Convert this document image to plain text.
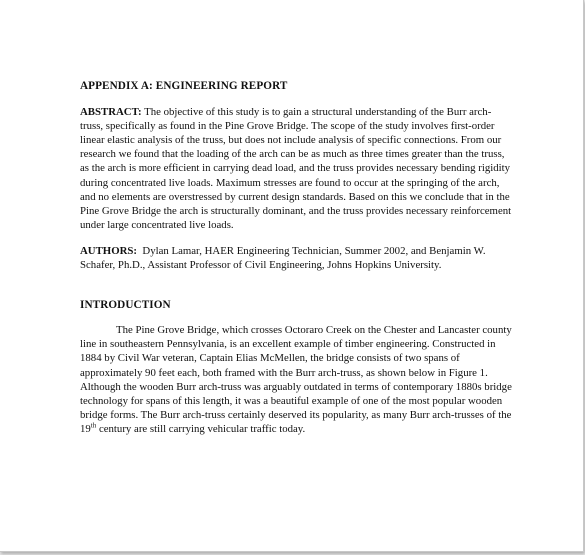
APPENDIX A: ENGINEERING REPORT

ABSTRACT: The objective of this study is to gain a structural understanding of the Burr arch-truss, specifically as found in the Pine Grove Bridge. The scope of the study involves first-order linear elastic analysis of the truss, but does not include analysis of specific connections. From our research we found that the loading of the arch can be as much as three times greater than the truss, as the arch is more efficient in carrying dead load, and the truss provides necessary bending rigidity during concentrated live loads. Maximum stresses are found to occur at the springing of the arch, and no elements are overstressed by current design standards. Based on this we conclude that in the Pine Grove Bridge the arch is structurally dominant, and the truss provides necessary reinforcement under large concentrated live loads.

AUTHORS:  Dylan Lamar, HAER Engineering Technician, Summer 2002, and Benjamin W. Schafer, Ph.D., Assistant Professor of Civil Engineering, Johns Hopkins University.

INTRODUCTION

The Pine Grove Bridge, which crosses Octoraro Creek on the Chester and Lancaster county line in southeastern Pennsylvania, is an excellent example of timber engineering. Constructed in 1884 by Civil War veteran, Captain Elias McMellen, the bridge consists of two spans of approximately 90 feet each, both framed with the Burr arch-truss, as shown below in Figure 1. Although the wooden Burr arch-truss was arguably outdated in terms of contemporary 1880s bridge technology for spans of this length, it was a beautiful example of one of the most popular wooden bridge forms. The Burr arch-truss certainly deserved its popularity, as many Burr arch-trusses of the 19th century are still carrying vehicular traffic today.
